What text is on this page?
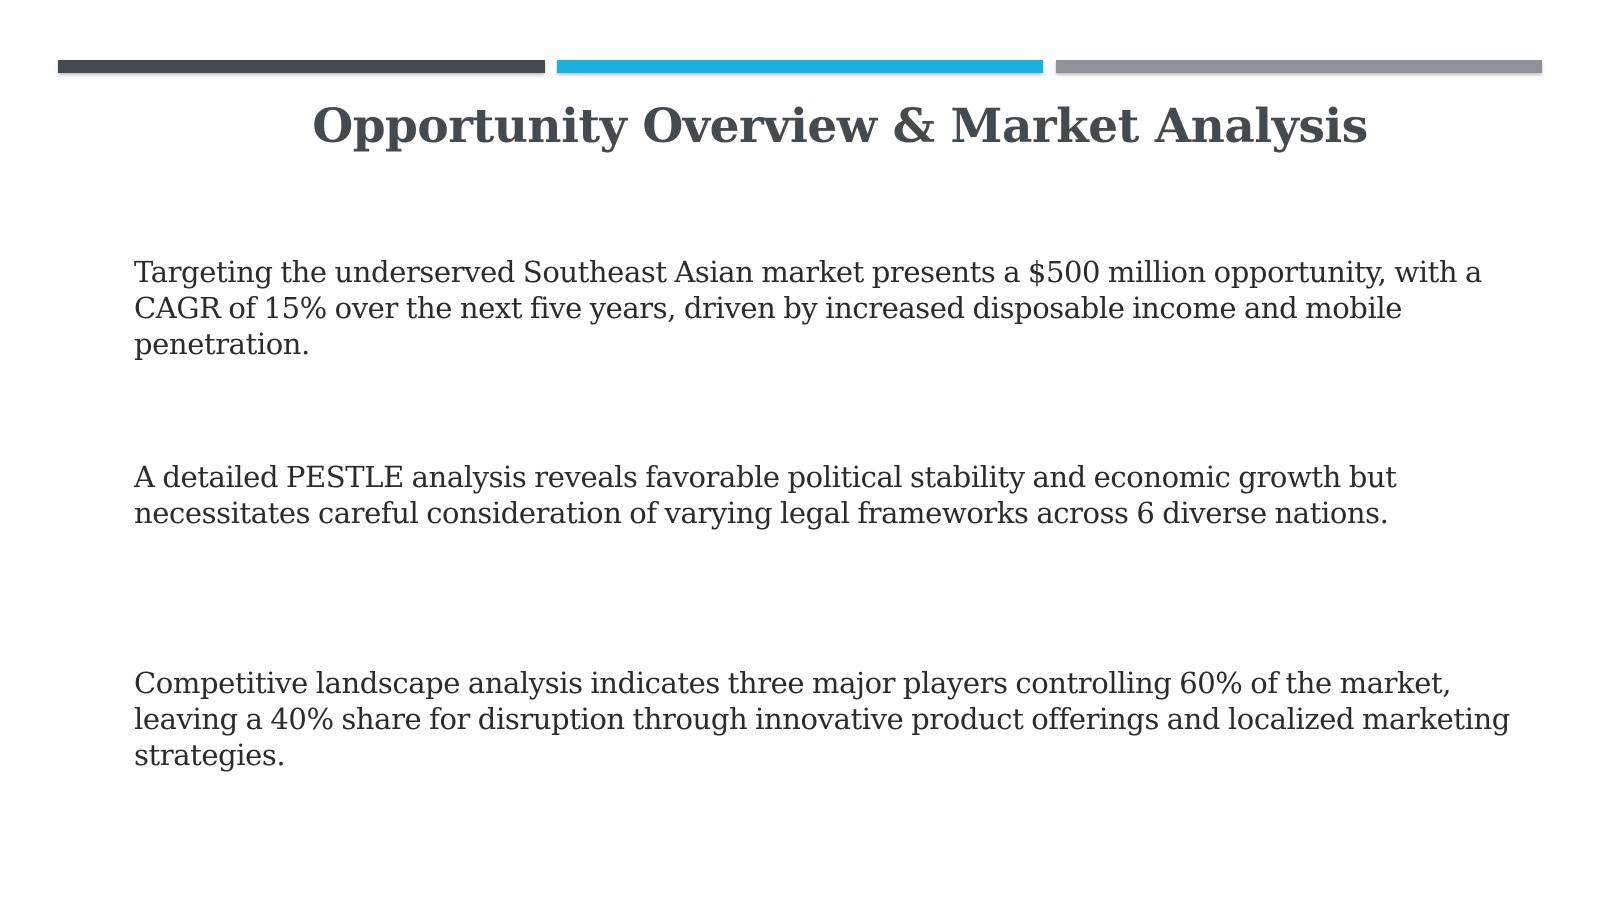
Opportunity Overview & Market Analysis
Targeting the underserved Southeast Asian market presents a $500 million opportunity, with a CAGR of 15% over the next five years, driven by increased disposable income and mobile penetration.
A detailed PESTLE analysis reveals favorable political stability and economic growth but necessitates careful consideration of varying legal frameworks across 6 diverse nations.
Competitive landscape analysis indicates three major players controlling 60% of the market, leaving a 40% share for disruption through innovative product offerings and localized marketing strategies.
